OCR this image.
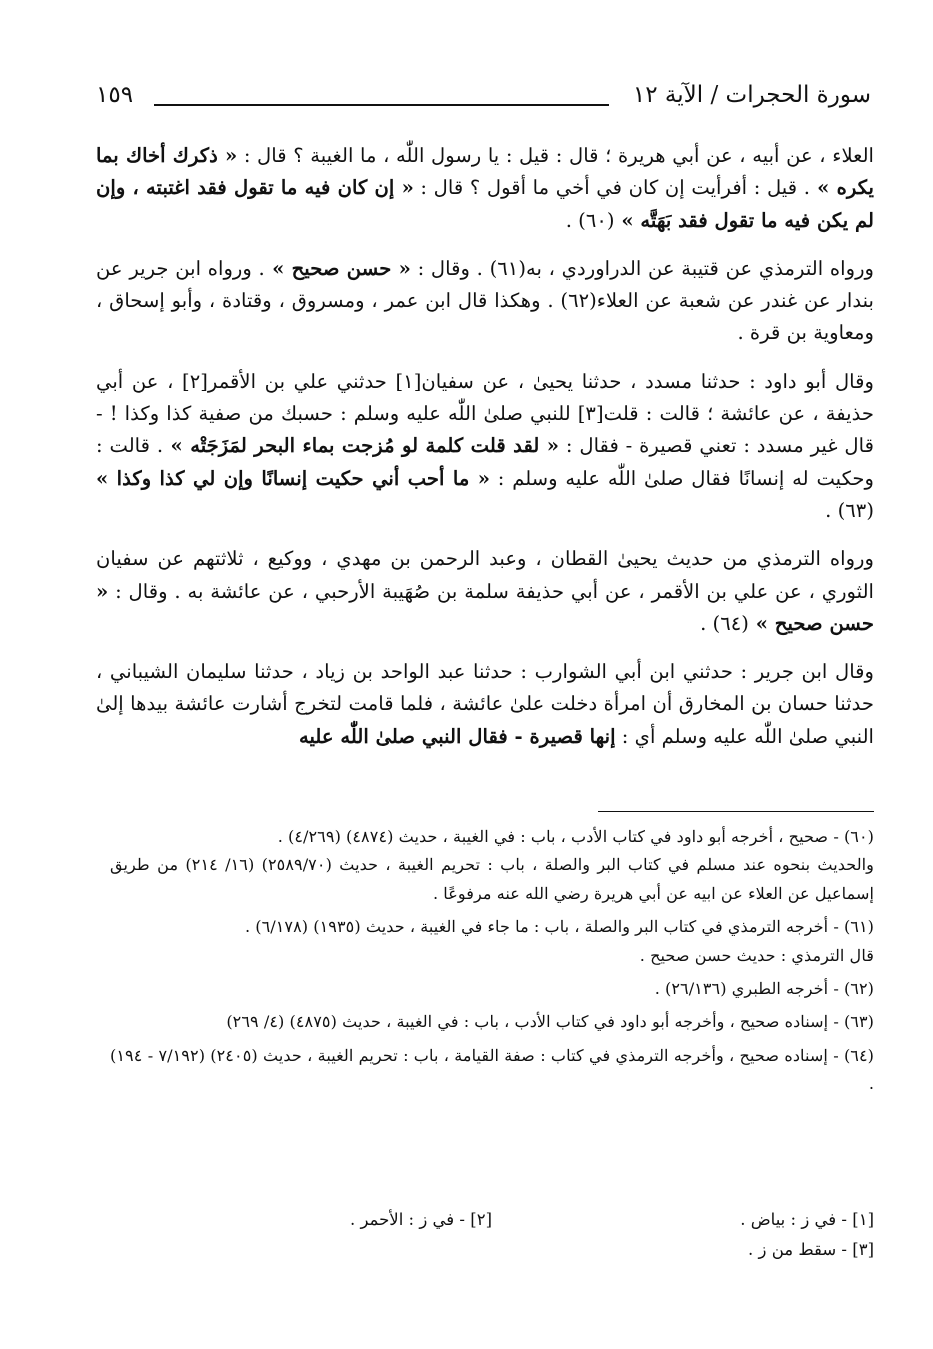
سورة الحجرات / الآية ١٢
١٥٩

العلاء ، عن أبيه ، عن أبي هريرة ؛ قال : قيل : يا رسول اللّٰه ، ما الغيبة ؟ قال : « ذكرك أخاك بما يكره » . قيل : أفرأيت إن كان في أخي ما أقول ؟ قال : « إن كان فيه ما تقول فقد اغتبته ، وإن لم يكن فيه ما تقول فقد بَهَتَّه » (٦٠) .

ورواه الترمذي عن قتيبة عن الدراوردي ، به(٦١) . وقال : « حسن صحيح » . ورواه ابن جرير عن بندار عن غندر عن شعبة عن العلاء(٦٢) . وهكذا قال ابن عمر ، ومسروق ، وقتادة ، وأبو إسحاق ، ومعاوية بن قرة .

وقال أبو داود : حدثنا مسدد ، حدثنا يحيىٰ ، عن سفيان[١] حدثني علي بن الأقمر[٢] ، عن أبي حذيفة ، عن عائشة ؛ قالت : قلت[٣] للنبي صلىٰ اللّٰه عليه وسلم : حسبك من صفية كذا وكذا ! - قال غير مسدد : تعني قصيرة - فقال : « لقد قلت كلمة لو مُزجت بماء البحر لمَزَجَتْه » . قالت : وحكيت له إنسانًا فقال صلىٰ اللّٰه عليه وسلم : « ما أحب أني حكيت إنسانًا وإن لي كذا وكذا » (٦٣) .

ورواه الترمذي من حديث يحيىٰ القطان ، وعبد الرحمن بن مهدي ، ووكيع ، ثلاثتهم عن سفيان الثوري ، عن علي بن الأقمر ، عن أبي حذيفة سلمة بن صُهَيبة الأرحبي ، عن عائشة به . وقال : « حسن صحيح » (٦٤) .

وقال ابن جرير : حدثني ابن أبي الشوارب : حدثنا عبد الواحد بن زياد ، حدثنا سليمان الشيباني ، حدثنا حسان بن المخارق أن امرأة دخلت علىٰ عائشة ، فلما قامت لتخرج أشارت عائشة بيدها إلىٰ النبي صلىٰ اللّٰه عليه وسلم أي : إنها قصيرة - فقال النبي صلىٰ اللّٰه عليه

(٦٠) - صحيح ، أخرجه أبو داود في كتاب الأدب ، باب : في الغيبة ، حديث (٤٨٧٤) (٤/٢٦٩) .
والحديث بنحوه عند مسلم في كتاب البر والصلة ، باب : تحريم الغيبة ، حديث (٢٥٨٩/٧٠) (١٦/ ٢١٤) من طريق إسماعيل عن العلاء عن ابيه عن أبي هريرة رضي الله عنه مرفوعًا .
(٦١) - أخرجه الترمذي في كتاب البر والصلة ، باب : ما جاء في الغيبة ، حديث (١٩٣٥) (٦/١٧٨) .
قال الترمذي : حديث حسن صحيح .
(٦٢) - أخرجه الطبري (٢٦/١٣٦) .
(٦٣) - إسناده صحيح ، وأخرجه أبو داود في كتاب الأدب ، باب : في الغيبة ، حديث (٤٨٧٥) (٤/ ٢٦٩)
(٦٤) - إسناده صحيح ، وأخرجه الترمذي في كتاب : صفة القيامة ، باب : تحريم الغيبة ، حديث (٢٤٠٥) (٧/١٩٢ - ١٩٤) .
[١] - في ز : بياض .
[٢] - في ز : الأحمر .
[٣] - سقط من ز .
